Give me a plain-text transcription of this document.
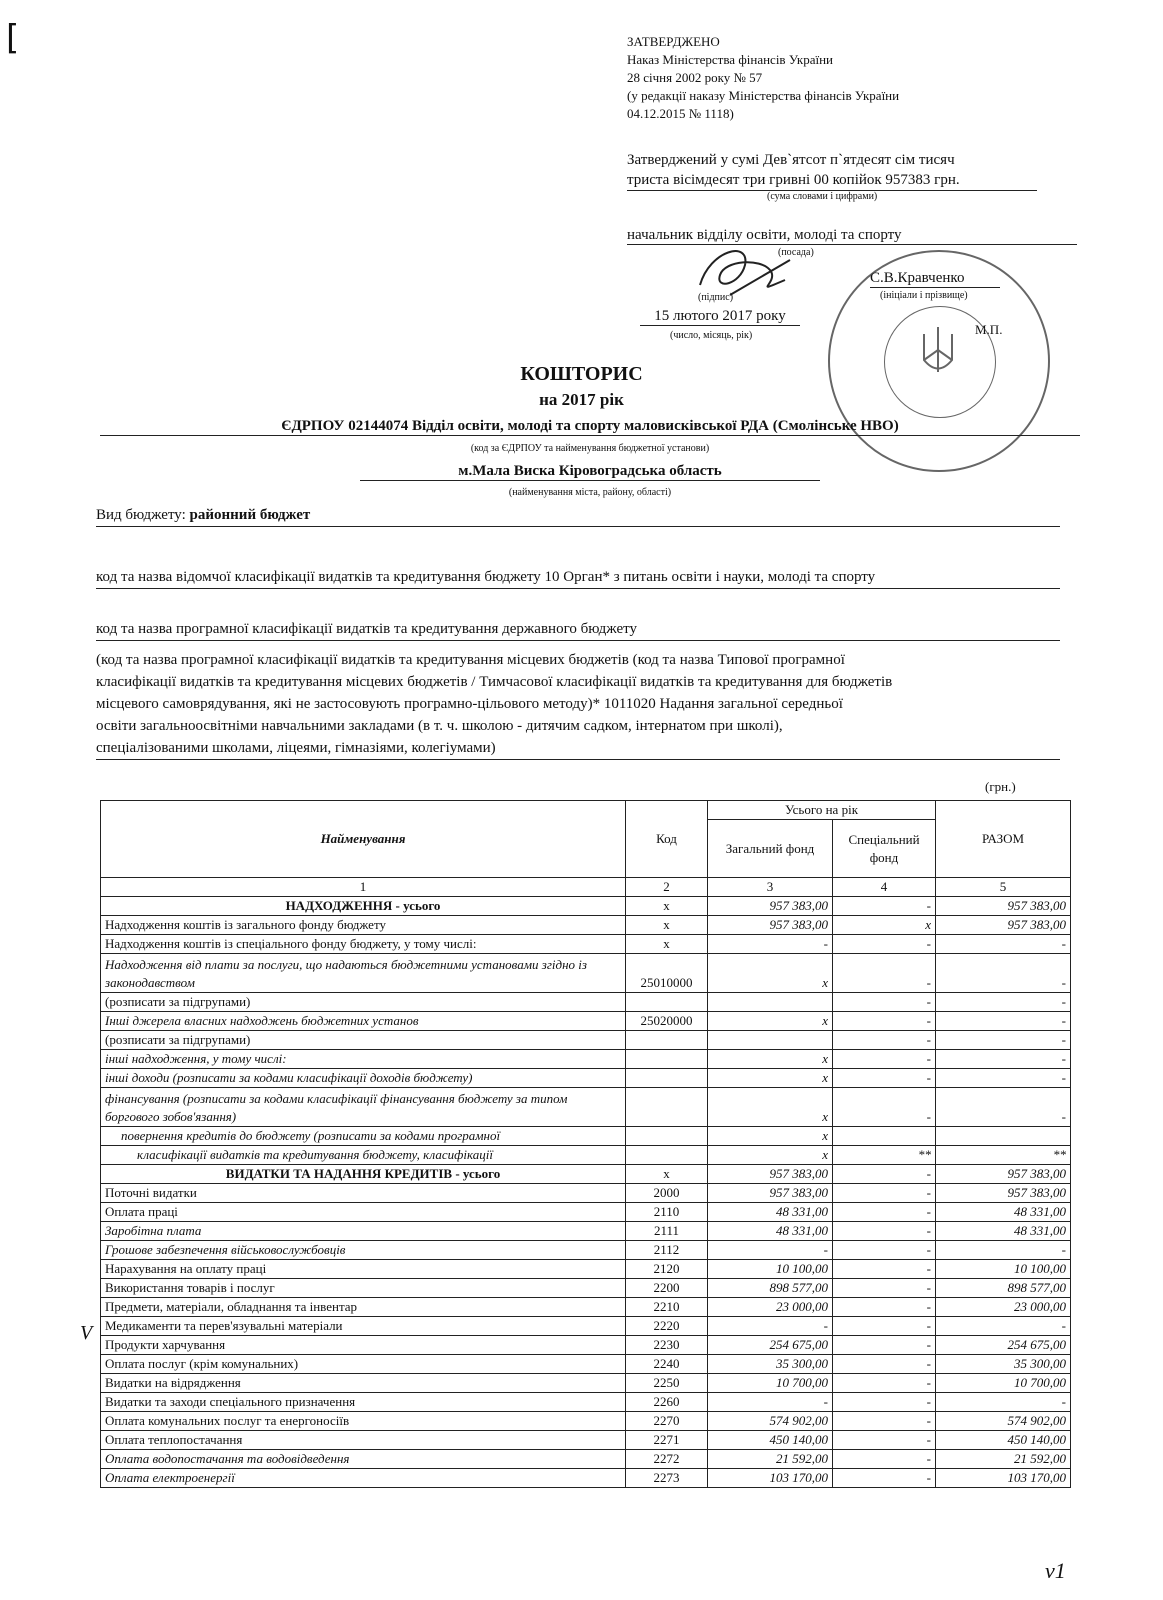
[	ЗАТВЕРДЖЕНО
Наказ Міністерства фінансів України
28 січня 2002 року № 57
(у редакції наказу Міністерства фінансів України
04.12.2015 № 1118)
Затверджений у сумі Дев`ятсот п`ятдесят сім тисяч
триста вісімдесят три гривні 00 копійок 957383 грн.
(сума словами і цифрами)
начальник відділу освіти, молоді та спорту
(посада)
(підпис)
С.В.Кравченко
(ініціали і прізвище)
М.П.
15 лютого 2017 року
(число, місяць, рік)
КОШТОРИС
на 2017 рік
ЄДРПОУ 02144074 Відділ освіти, молоді та спорту маловисківської РДА (Смолінське НВО)
(код за ЄДРПОУ та найменування бюджетної установи)
м.Мала Виска Кіровоградська область
(найменування міста, району, області)
Вид бюджету: районний бюджет
код та назва відомчої класифікації видатків та кредитування бюджету 10 Орган* з питань освіти і науки, молоді та спорту
код та назва програмної класифікації видатків та кредитування державного бюджету
(код та назва програмної класифікації видатків та кредитування місцевих бюджетів (код та назва Типової програмної
класифікації видатків та кредитування місцевих бюджетів / Тимчасової класифікації видатків та кредитування для бюджетів
місцевого самоврядування, які не застосовують програмно-цільового методу)* 1011020 Надання загальної середньої
освіти загальноосвітніми навчальними закладами (в т. ч. школою - дитячим садком, інтернатом при школі),
спеціалізованими школами, ліцеями, гімназіями, колегіумами)
(грн.)
Найменування	Код	Усього на рік		РАЗОМ
		Загальний фонд	Спеціальний фонд	
1	2	3	4	5
НАДХОДЖЕННЯ - усього	х	957 383,00	-	957 383,00
Надходження коштів із загального фонду бюджету	х	957 383,00	х	957 383,00
Надходження коштів із спеціального фонду бюджету, у тому числі:	х	-	-	-
Надходження від плати за послуги, що надаються бюджетними установами згідно із законодавством	25010000	х	-	-
(розписати за підгрупами)			-	-
Інші джерела власних надходжень бюджетних установ	25020000	х	-	-
(розписати за підгрупами)			-	-
інші надходження, у тому числі:		х	-	-
інші доходи (розписати за кодами класифікації доходів бюджету)		х	-	-
фінансування (розписати за кодами класифікації фінансування бюджету за типом боргового зобов'язання)		х	-	-
повернення кредитів до бюджету (розписати за кодами програмної		х		
класифікації видатків та кредитування бюджету, класифікації		х	**	**
ВИДАТКИ ТА НАДАННЯ КРЕДИТІВ - усього	х	957 383,00	-	957 383,00
Поточні видатки	2000	957 383,00	-	957 383,00
Оплата праці	2110	48 331,00	-	48 331,00
Заробітна плата	2111	48 331,00	-	48 331,00
Грошове забезпечення військовослужбовців	2112	-	-	-
Нарахування на оплату праці	2120	10 100,00	-	10 100,00
Використання товарів і послуг	2200	898 577,00	-	898 577,00
Предмети, матеріали, обладнання та інвентар	2210	23 000,00	-	23 000,00
Медикаменти та перев'язувальні матеріали	2220	-	-	-
Продукти харчування	2230	254 675,00	-	254 675,00
Оплата послуг (крім комунальних)	2240	35 300,00	-	35 300,00
Видатки на відрядження	2250	10 700,00	-	10 700,00
Видатки та заходи спеціального призначення	2260	-	-	-
Оплата комунальних послуг та енергоносіїв	2270	574 902,00	-	574 902,00
Оплата теплопостачання	2271	450 140,00	-	450 140,00
Оплата водопостачання та водовідведення	2272	21 592,00	-	21 592,00
Оплата електроенергії	2273	103 170,00	-	103 170,00
V
v1
